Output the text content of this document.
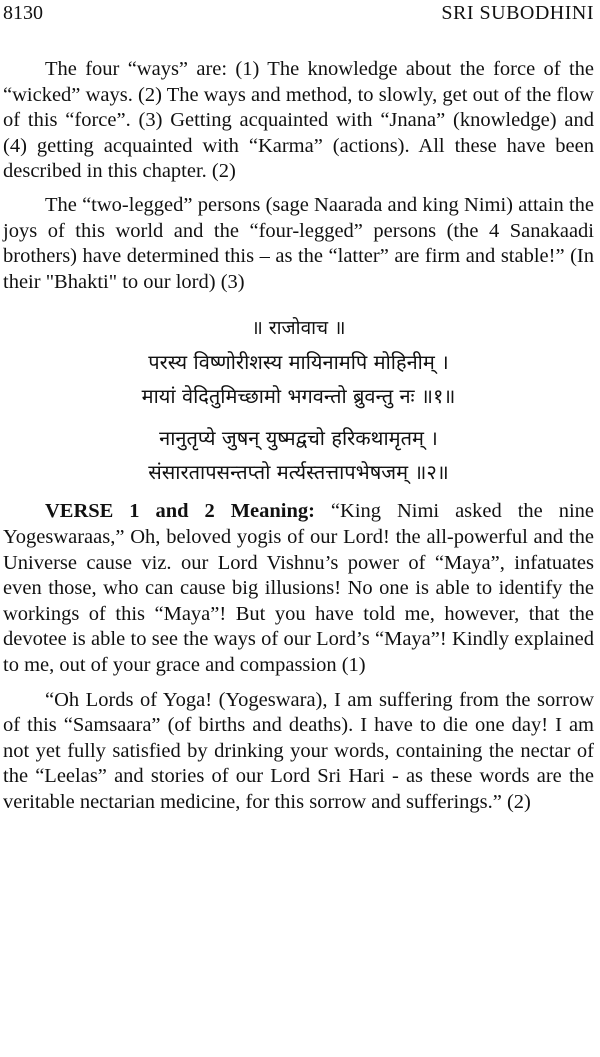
8130	SRI SUBODHINI

The four “ways” are: (1) The knowledge about the force of the “wicked” ways. (2) The ways and method, to slowly, get out of the flow of this “force”. (3) Getting acquainted with “Jnana” (knowledge) and (4) getting acquainted with “Karma” (actions). All these have been described in this chapter. (2)

The “two-legged” persons (sage Naarada and king Nimi) attain the joys of this world and the “four-legged” persons (the 4 Sanakaadi brothers) have determined this – as the “latter” are firm and stable!” (In their "Bhakti" to our lord) (3)

॥ राजोवाच ॥
परस्य विष्णोरीशस्य मायिनामपि मोहिनीम् ।
मायां वेदितुमिच्छामो भगवन्तो ब्रुवन्तु नः ॥१॥
नानुतृप्ये जुषन् युष्मद्वचो हरिकथामृतम् ।
संसारतापसन्तप्तो मर्त्यस्तत्तापभेषजम् ॥२॥

VERSE 1 and 2 Meaning: “King Nimi asked the nine Yogeswaraas,” Oh, beloved yogis of our Lord! the all-powerful and the Universe cause viz. our Lord Vishnu’s power of “Maya”, infatuates even those, who can cause big illusions! No one is able to identify the workings of this “Maya”! But you have told me, however, that the devotee is able to see the ways of our Lord’s “Maya”! Kindly explained to me, out of your grace and compassion (1)

“Oh Lords of Yoga! (Yogeswara), I am suffering from the sorrow of this “Samsaara” (of births and deaths). I have to die one day! I am not yet fully satisfied by drinking your words, containing the nectar of the “Leelas” and stories of our Lord Sri Hari - as these words are the veritable nectarian medicine, for this sorrow and sufferings.” (2)
